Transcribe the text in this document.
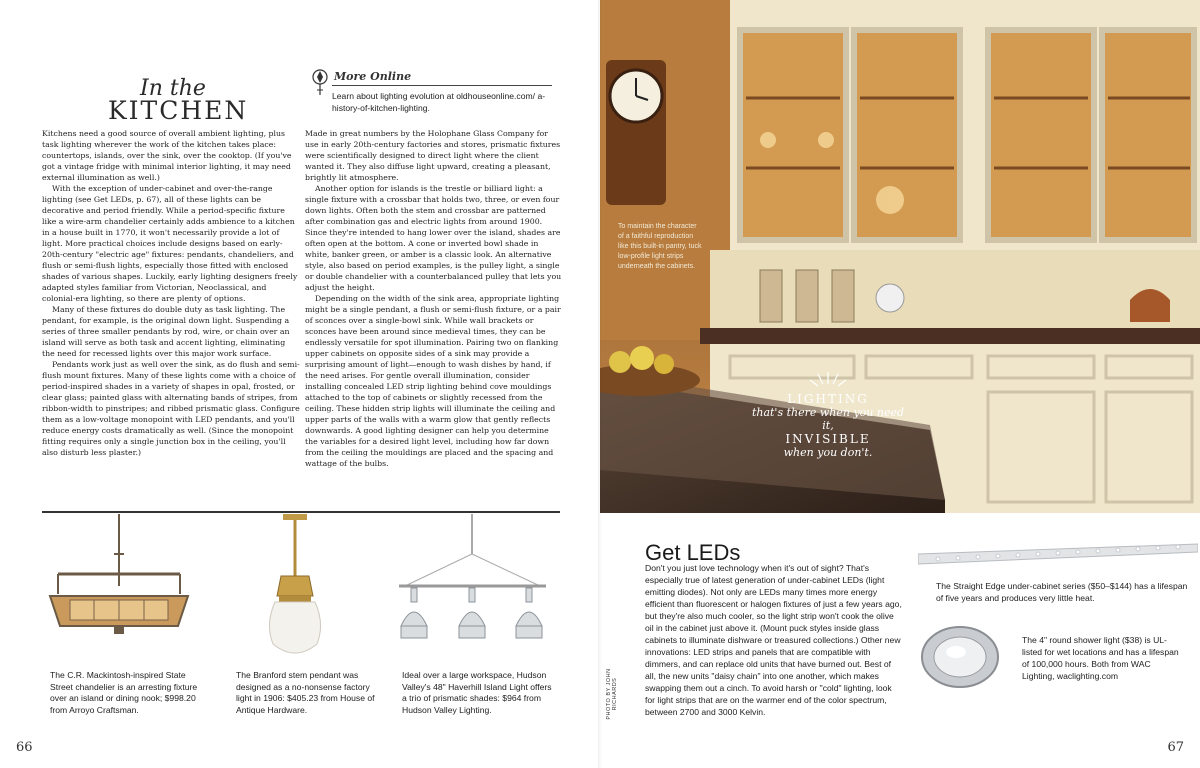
In the
KITCHEN
More Online
Learn about lighting evolution at oldhouseonline.com/ a-history-of-kitchen-lighting.

Kitchens need a good source of overall ambient lighting, plus task lighting wherever the work of the kitchen takes place: countertops, islands, over the sink, over the cooktop. (If you've got a vintage fridge with minimal interior lighting, it may need external illumination as well.)

With the exception of under-cabinet and over-the-range lighting (see Get LEDs, p. 67), all of these lights can be decorative and period friendly. While a period-specific fixture like a wire-arm chandelier certainly adds ambience to a kitchen in a house built in 1770, it won't necessarily provide a lot of light. More practical choices include designs based on early-20th-century "electric age" fixtures: pendants, chandeliers, and flush or semi-flush lights, especially those fitted with enclosed shades of various shapes. Luckily, early lighting designers freely adapted styles familiar from Victorian, Neoclassical, and colonial-era lighting, so there are plenty of options.

Many of these fixtures do double duty as task lighting. The pendant, for example, is the original down light. Suspending a series of three smaller pendants by rod, wire, or chain over an island will serve as both task and accent lighting, eliminating the need for recessed lights over this major work surface.

Pendants work just as well over the sink, as do flush and semi-flush mount fixtures. Many of these lights come with a choice of period-inspired shades in a variety of shapes in opal, frosted, or clear glass; painted glass with alternating bands of stripes, from ribbon-width to pinstripes; and ribbed prismatic glass. Configure them as a low-voltage monopoint with LED pendants, and you'll reduce energy costs dramatically as well. (Since the monopoint fitting requires only a single junction box in the ceiling, you'll also disturb less plaster.)

Made in great numbers by the Holophane Glass Company for use in early 20th-century factories and stores, prismatic fixtures were scientifically designed to direct light where the client wanted it. They also diffuse light upward, creating a pleasant, brightly lit atmosphere.

Another option for islands is the trestle or billiard light: a single fixture with a crossbar that holds two, three, or even four down lights. Often both the stem and crossbar are patterned after combination gas and electric lights from around 1900. Since they're intended to hang lower over the island, shades are often open at the bottom. A cone or inverted bowl shade in white, banker green, or amber is a classic look. An alternative style, also based on period examples, is the pulley light, a single or double chandelier with a counterbalanced pulley that lets you adjust the height.

Depending on the width of the sink area, appropriate lighting might be a single pendant, a flush or semi-flush fixture, or a pair of sconces over a single-bowl sink. While wall brackets or sconces have been around since medieval times, they can be endlessly versatile for spot illumination. Pairing two on flanking upper cabinets on opposite sides of a sink may provide a surprising amount of light—enough to wash dishes by hand, if the need arises. For gentle overall illumination, consider installing concealed LED strip lighting behind cove mouldings attached to the top of cabinets or slightly recessed from the ceiling. These hidden strip lights will illuminate the ceiling and upper parts of the walls with a warm glow that gently reflects downwards. A good lighting designer can help you determine the variables for a desired light level, including how far down from the ceiling the mouldings are placed and the spacing and wattage of the bulbs.

The C.R. Mackintosh-inspired State Street chandelier is an arresting fixture over an island or dining nook; $998.20 from Arroyo Craftsman.
The Branford stem pendant was designed as a no-nonsense factory light in 1906: $405.23 from House of Antique Hardware.
Ideal over a large workspace, Hudson Valley's 48" Haverhill Island Light offers a trio of prismatic shades: $964 from Hudson Valley Lighting.
66
To maintain the character of a faithful reproduction like this built-in pantry, tuck low-profile light strips underneath the cabinets.
LIGHTING
that's there when you need it,
INVISIBLE
when you don't.
Get LEDs
Don't you just love technology when it's out of sight? That's especially true of latest generation of under-cabinet LEDs (light emitting diodes). Not only are LEDs many times more energy efficient than fluorescent or halogen fixtures of just a few years ago, but they're also much cooler, so the light strip won't cook the olive oil in the cabinet just above it. (Mount puck styles inside glass cabinets to illuminate dishware or treasured collections.) Other new innovations: LED strips and panels that are compatible with dimmers, and can replace old units that have burned out. Best of all, the new units "daisy chain" into one another, which makes swapping them out a cinch. To avoid harsh or "cold" lighting, look for light strips that are on the warmer end of the color spectrum, between 2700 and 3000 Kelvin.
PHOTO BY JOHN RICHARDS
The Straight Edge under-cabinet series ($50–$144) has a lifespan of five years and produces very little heat.
The 4" round shower light ($38) is UL-listed for wet locations and has a lifespan of 100,000 hours. Both from WAC Lighting, waclighting.com
67
